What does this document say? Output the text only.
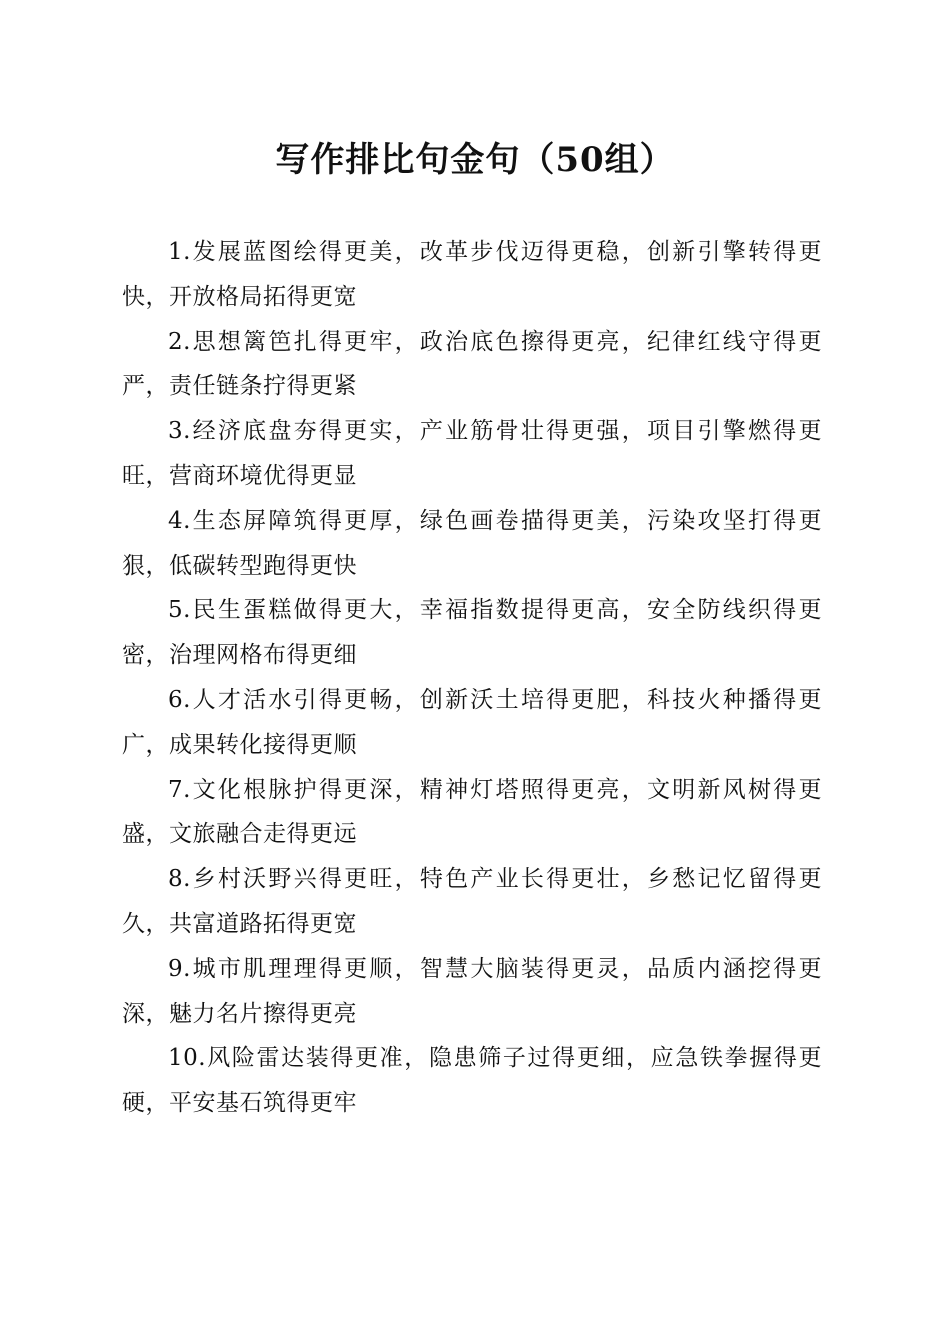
写作排比句金句（50组）

1.发展蓝图绘得更美，改革步伐迈得更稳，创新引擎转得更快，开放格局拓得更宽

2.思想篱笆扎得更牢，政治底色擦得更亮，纪律红线守得更严，责任链条拧得更紧

3.经济底盘夯得更实，产业筋骨壮得更强，项目引擎燃得更旺，营商环境优得更显

4.生态屏障筑得更厚，绿色画卷描得更美，污染攻坚打得更狠，低碳转型跑得更快

5.民生蛋糕做得更大，幸福指数提得更高，安全防线织得更密，治理网格布得更细

6.人才活水引得更畅，创新沃土培得更肥，科技火种播得更广，成果转化接得更顺

7.文化根脉护得更深，精神灯塔照得更亮，文明新风树得更盛，文旅融合走得更远

8.乡村沃野兴得更旺，特色产业长得更壮，乡愁记忆留得更久，共富道路拓得更宽

9.城市肌理理得更顺，智慧大脑装得更灵，品质内涵挖得更深，魅力名片擦得更亮

10.风险雷达装得更准，隐患筛子过得更细，应急铁拳握得更硬，平安基石筑得更牢
